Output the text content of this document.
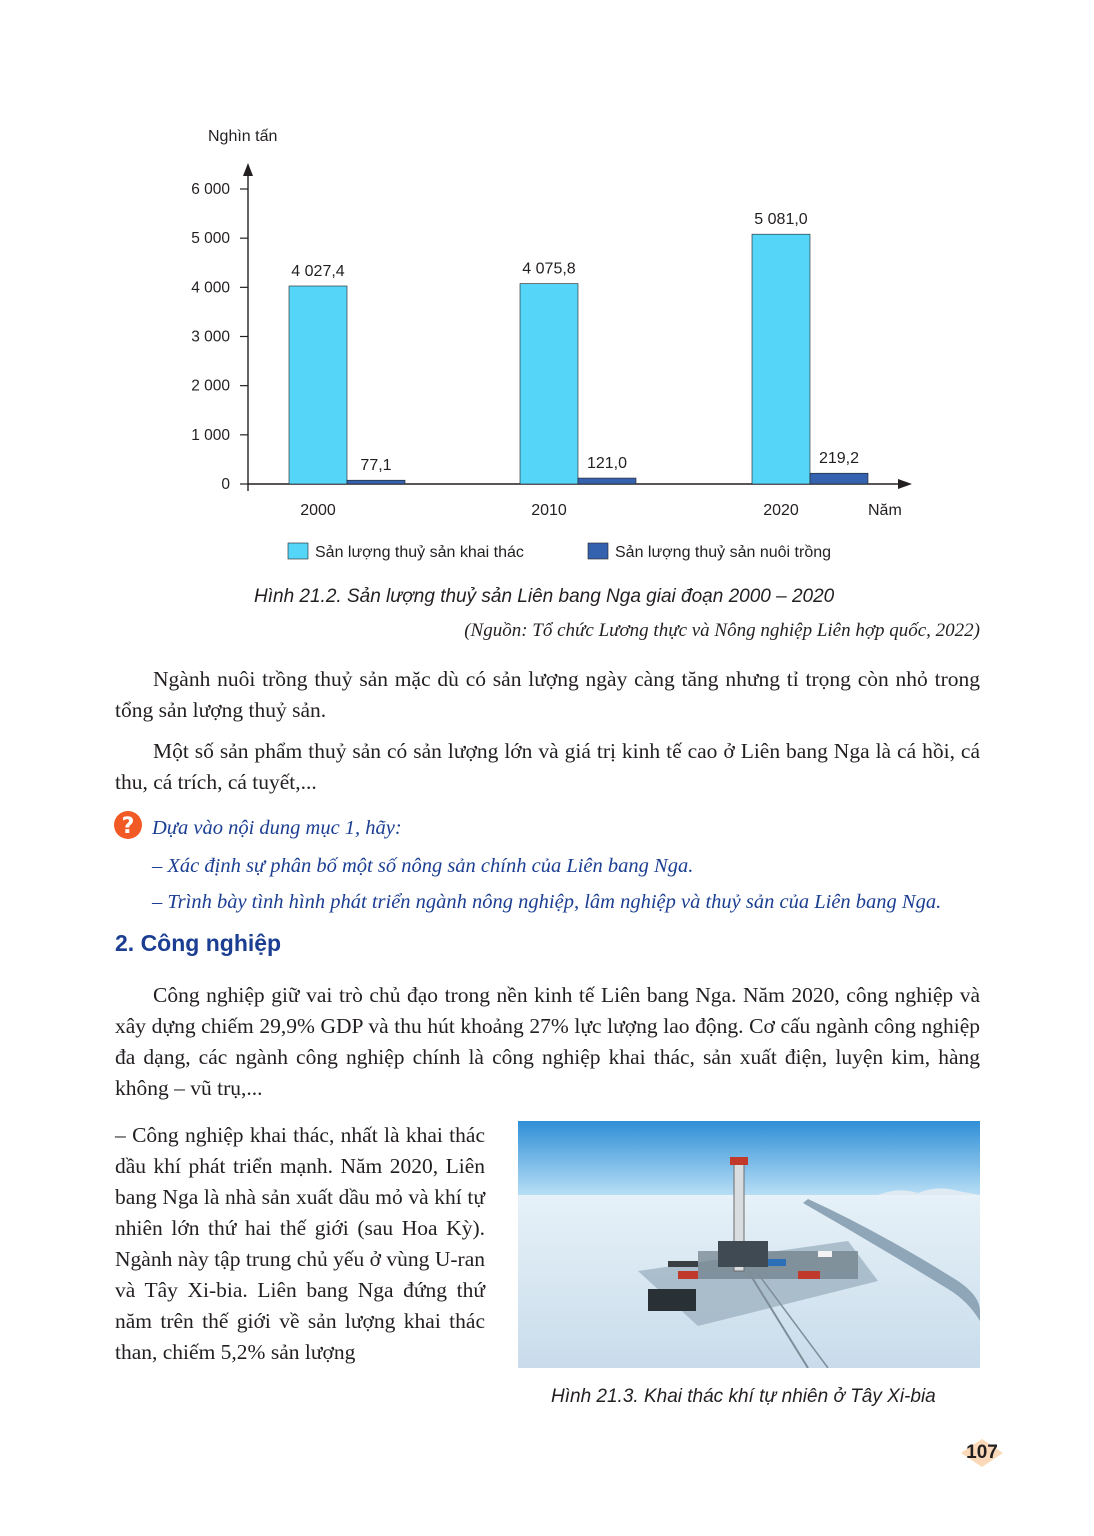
Nghìn tấn
6 000
5 000
4 000
3 000
2 000
1 000
0
4 027,4
77,1
4 075,8
121,0
5 081,0
219,2
2000	2010	2020	Năm
Sản lượng thuỷ sản khai thác	Sản lượng thuỷ sản nuôi trồng
Hình 21.2. Sản lượng thuỷ sản Liên bang Nga giai đoạn 2000 – 2020
(Nguồn: Tổ chức Lương thực và Nông nghiệp Liên hợp quốc, 2022)

Ngành nuôi trồng thuỷ sản mặc dù có sản lượng ngày càng tăng nhưng tỉ trọng còn nhỏ trong tổng sản lượng thuỷ sản.

Một số sản phẩm thuỷ sản có sản lượng lớn và giá trị kinh tế cao ở Liên bang Nga là cá hồi, cá thu, cá trích, cá tuyết,...

? Dựa vào nội dung mục 1, hãy:
– Xác định sự phân bố một số nông sản chính của Liên bang Nga.
– Trình bày tình hình phát triển ngành nông nghiệp, lâm nghiệp và thuỷ sản của Liên bang Nga.
2. Công nghiệp

Công nghiệp giữ vai trò chủ đạo trong nền kinh tế Liên bang Nga. Năm 2020, công nghiệp và xây dựng chiếm 29,9% GDP và thu hút khoảng 27% lực lượng lao động. Cơ cấu ngành công nghiệp đa dạng, các ngành công nghiệp chính là công nghiệp khai thác, sản xuất điện, luyện kim, hàng không – vũ trụ,...

– Công nghiệp khai thác, nhất là khai thác dầu khí phát triển mạnh. Năm 2020, Liên bang Nga là nhà sản xuất dầu mỏ và khí tự nhiên lớn thứ hai thế giới (sau Hoa Kỳ). Ngành này tập trung chủ yếu ở vùng U-ran và Tây Xi-bia. Liên bang Nga đứng thứ năm trên thế giới về sản lượng khai thác than, chiếm 5,2% sản lượng

Hình 21.3. Khai thác khí tự nhiên ở Tây Xi-bia
107
